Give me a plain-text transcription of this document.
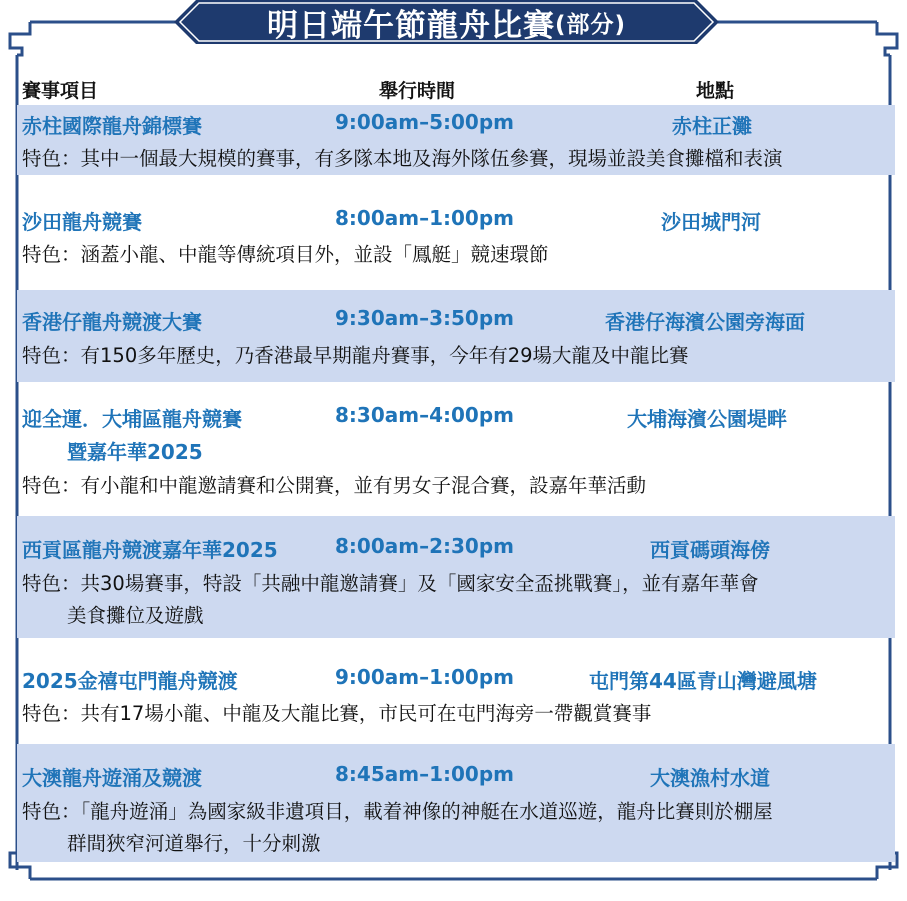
明日端午節龍舟比賽 (部分)
賽事項目	舉行時間	地點
赤柱國際龍舟錦標賽	9:00am–5:00pm	赤柱正灘
特色：其中一個最大規模的賽事，有多隊本地及海外隊伍參賽，現場並設美食攤檔和表演
沙田龍舟競賽	8:00am–1:00pm	沙田城門河
特色：涵蓋小龍、中龍等傳統項目外，並設「鳳艇」競速環節
香港仔龍舟競渡大賽	9:30am–3:50pm	香港仔海濱公園旁海面
特色：有150多年歷史，乃香港最早期龍舟賽事，今年有29場大龍及中龍比賽
迎全運．大埔區龍舟競賽
暨嘉年華2025
8:30am–4:00pm	大埔海濱公園堤畔
特色：有小龍和中龍邀請賽和公開賽，並有男女子混合賽，設嘉年華活動
西貢區龍舟競渡嘉年華2025	8:00am–2:30pm	西貢碼頭海傍
特色：共30場賽事，特設「共融中龍邀請賽」及「國家安全盃挑戰賽」，並有嘉年華會
美食攤位及遊戲
2025金禧屯門龍舟競渡	9:00am–1:00pm	屯門第44區青山灣避風塘
特色：共有17場小龍、中龍及大龍比賽，市民可在屯門海旁一帶觀賞賽事
大澳龍舟遊涌及競渡	8:45am–1:00pm	大澳漁村水道
特色：「龍舟遊涌」為國家級非遺項目，載着神像的神艇在水道巡遊，龍舟比賽則於棚屋
群間狹窄河道舉行，十分刺激
